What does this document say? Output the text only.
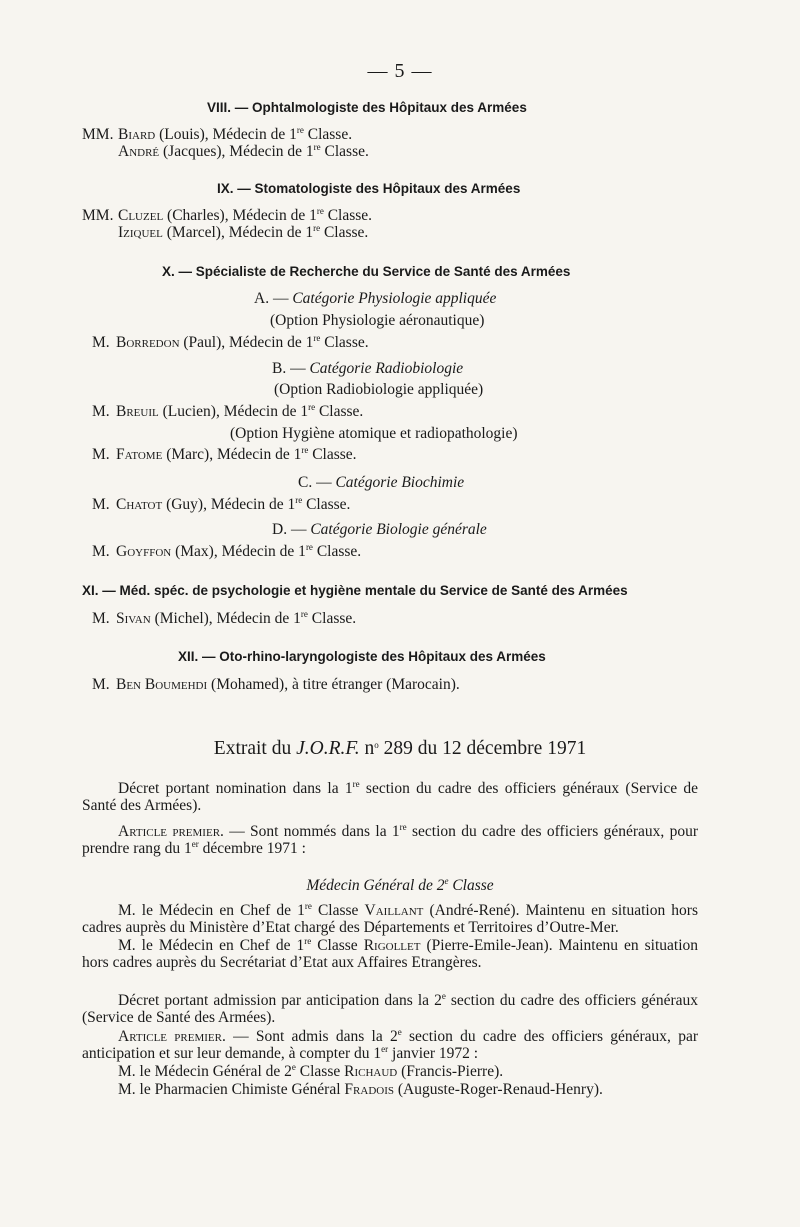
— 5 —
VIII. — Ophtalmologiste des Hôpitaux des Armées
MM. Biard (Louis), Médecin de 1re Classe.
André (Jacques), Médecin de 1re Classe.
IX. — Stomatologiste des Hôpitaux des Armées
MM. Cluzel (Charles), Médecin de 1re Classe.
Iziquel (Marcel), Médecin de 1re Classe.
X. — Spécialiste de Recherche du Service de Santé des Armées
A. — Catégorie Physiologie appliquée
(Option Physiologie aéronautique)
M. Borredon (Paul), Médecin de 1re Classe.
B. — Catégorie Radiobiologie
(Option Radiobiologie appliquée)
M. Breuil (Lucien), Médecin de 1re Classe.
(Option Hygiène atomique et radiopathologie)
M. Fatome (Marc), Médecin de 1re Classe.
C. — Catégorie Biochimie
M. Chatot (Guy), Médecin de 1re Classe.
D. — Catégorie Biologie générale
M. Goyffon (Max), Médecin de 1re Classe.
XI. — Méd. spéc. de psychologie et hygiène mentale du Service de Santé des Armées
M. Sivan (Michel), Médecin de 1re Classe.
XII. — Oto-rhino-laryngologiste des Hôpitaux des Armées
M. Ben Boumehdi (Mohamed), à titre étranger (Marocain).
Extrait du J.O.R.F. $n^o$ 289 du 12 décembre 1971
Décret portant nomination dans la 1re section du cadre des officiers généraux (Service de Santé des Armées).
Article premier. — Sont nommés dans la 1re section du cadre des officiers généraux, pour prendre rang du 1er décembre 1971 :
Médecin Général de 2e Classe
M. le Médecin en Chef de 1re Classe Vaillant (André-René). Maintenu en situation hors cadres auprès du Ministère d’Etat chargé des Départements et Territoires d’Outre-Mer.
M. le Médecin en Chef de 1re Classe Rigollet (Pierre-Emile-Jean). Maintenu en situation hors cadres auprès du Secrétariat d’Etat aux Affaires Etrangères.
Décret portant admission par anticipation dans la 2e section du cadre des officiers généraux (Service de Santé des Armées).
Article premier. — Sont admis dans la 2e section du cadre des officiers généraux, par anticipation et sur leur demande, à compter du 1er janvier 1972 :
M. le Médecin Général de 2e Classe Richaud (Francis-Pierre).
M. le Pharmacien Chimiste Général Fradois (Auguste-Roger-Renaud-Henry).
